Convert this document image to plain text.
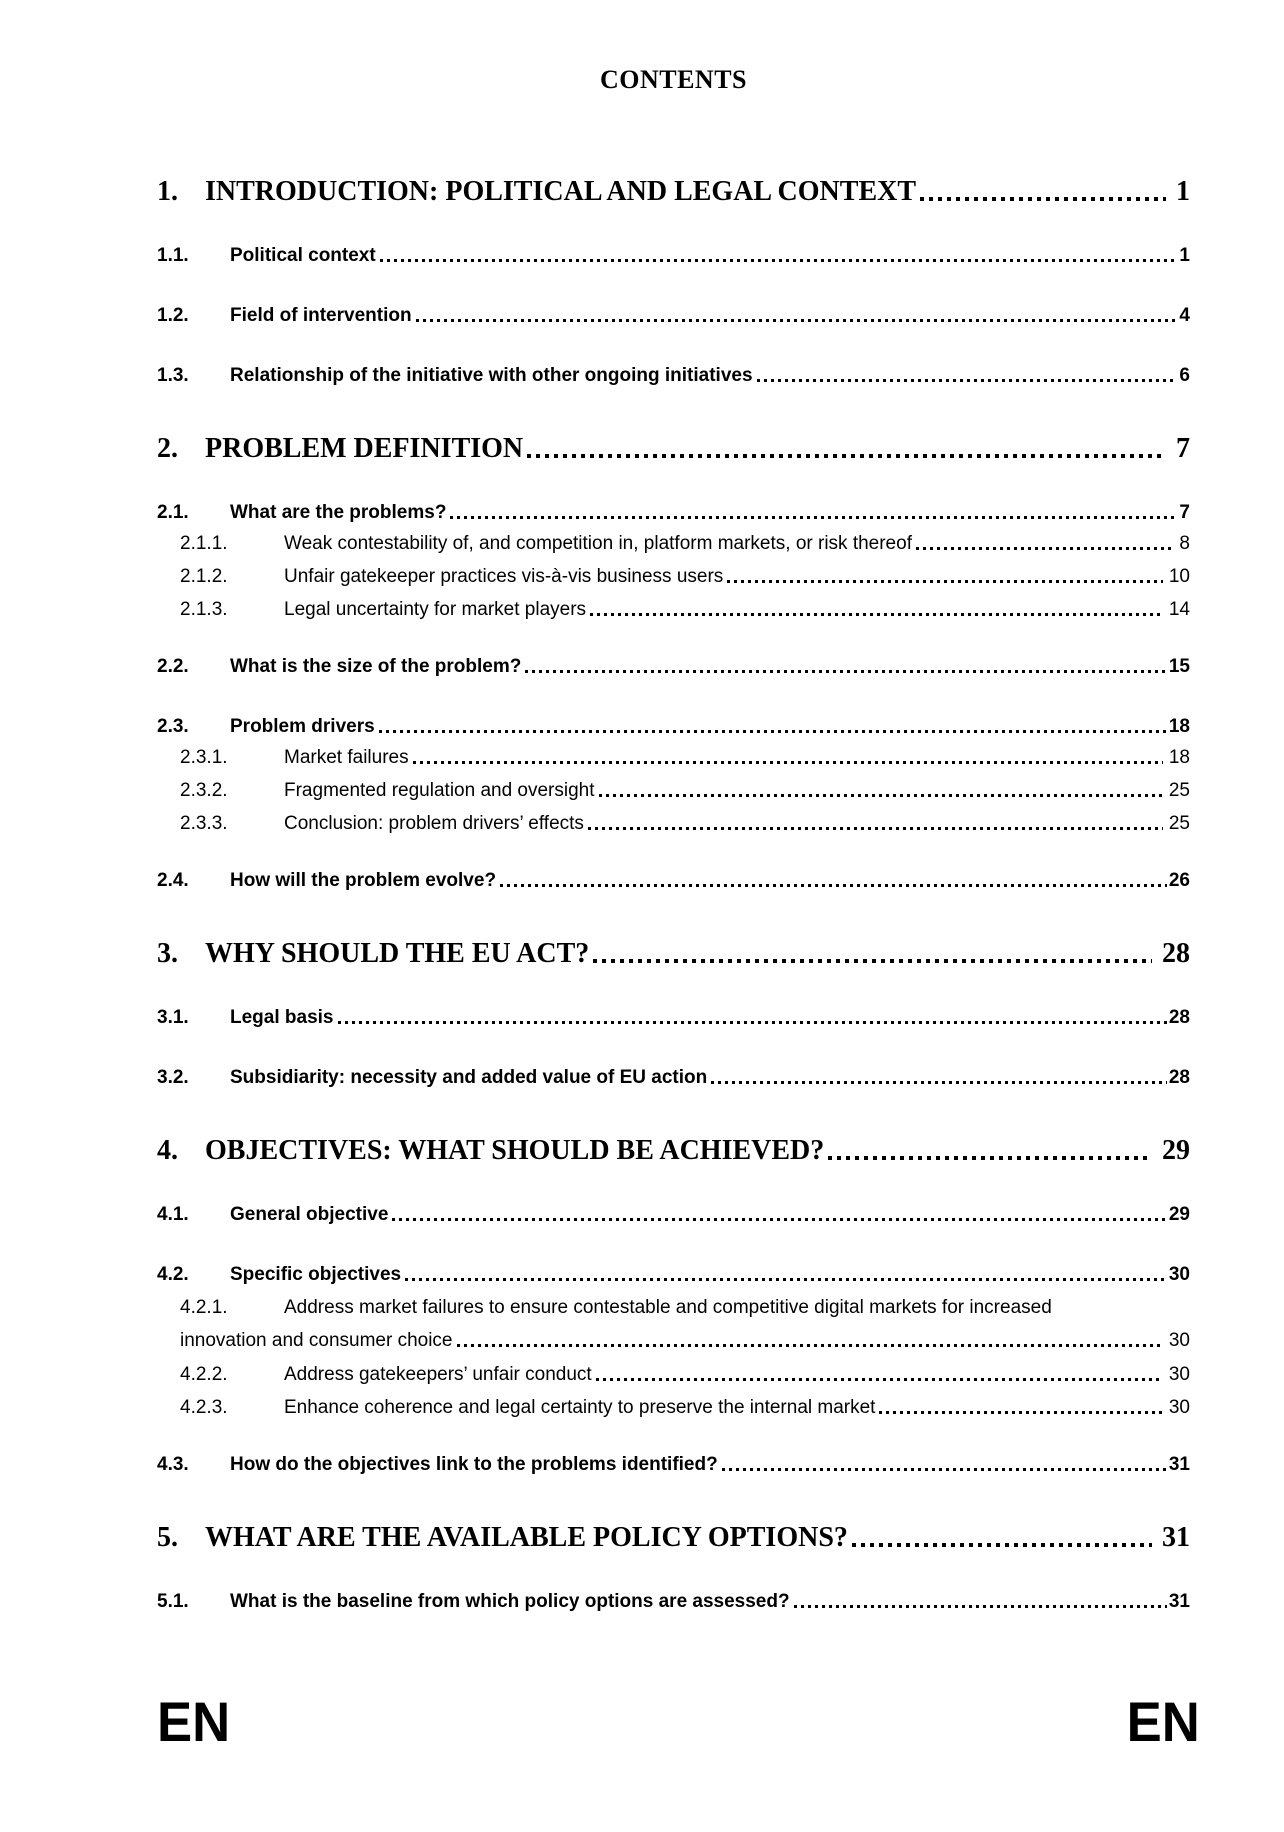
CONTENTS
1. INTRODUCTION: POLITICAL AND LEGAL CONTEXT	1
1.1.	Political context	1
1.2.	Field of intervention	4
1.3.	Relationship of the initiative with other ongoing initiatives	6
2. PROBLEM DEFINITION	7
2.1.	What are the problems?	7
2.1.1.	Weak contestability of, and competition in, platform markets, or risk thereof	8
2.1.2.	Unfair gatekeeper practices vis-à-vis business users	10
2.1.3.	Legal uncertainty for market players	14
2.2.	What is the size of the problem?	15
2.3.	Problem drivers	18
2.3.1.	Market failures	18
2.3.2.	Fragmented regulation and oversight	25
2.3.3.	Conclusion: problem drivers’ effects	25
2.4.	How will the problem evolve?	26
3. WHY SHOULD THE EU ACT?	28
3.1.	Legal basis	28
3.2.	Subsidiarity: necessity and added value of EU action	28
4. OBJECTIVES: WHAT SHOULD BE ACHIEVED?	29
4.1.	General objective	29
4.2.	Specific objectives	30
4.2.1.	Address market failures to ensure contestable and competitive digital markets for increased
innovation and consumer choice	30
4.2.2.	Address gatekeepers’ unfair conduct	30
4.2.3.	Enhance coherence and legal certainty to preserve the internal market	30
4.3.	How do the objectives link to the problems identified?	31
5. WHAT ARE THE AVAILABLE POLICY OPTIONS?	31
5.1.	What is the baseline from which policy options are assessed?	31
EN	EN
